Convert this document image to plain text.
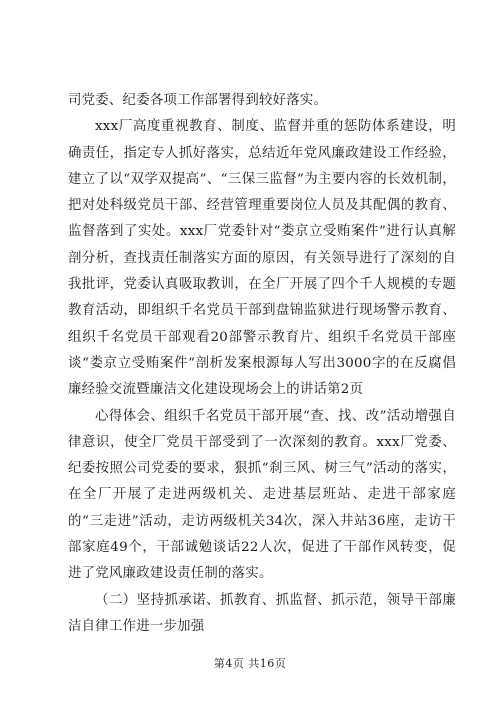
司党委、纪委各项工作部署得到较好落实。

xxx厂高度重视教育、制度、监督并重的惩防体系建设，明确责任，指定专人抓好落实，总结近年党风廉政建设工作经验，建立了以“双学双提高”、“三保三监督”为主要内容的长效机制，把对处科级党员干部、经营管理重要岗位人员及其配偶的教育、监督落到了实处。xxx厂党委针对“娄京立受贿案件”进行认真解剖分析，查找责任制落实方面的原因，有关领导进行了深刻的自我批评，党委认真吸取教训，在全厂开展了四个千人规模的专题教育活动，即组织千名党员干部到盘锦监狱进行现场警示教育、组织千名党员干部观看20部警示教育片、组织千名党员干部座谈“娄京立受贿案件”剖析发案根源每人写出3000字的在反腐倡廉经验交流暨廉洁文化建设现场会上的讲话第2页

心得体会、组织千名党员干部开展“查、找、改”活动增强自律意识，使全厂党员干部受到了一次深刻的教育。xxx厂党委、纪委按照公司党委的要求，狠抓“刹三风、树三气”活动的落实，在全厂开展了走进两级机关、走进基层班站、走进干部家庭的“三走进”活动，走访两级机关34次，深入井站36座，走访干部家庭49个，干部诚勉谈话22人次，促进了干部作风转变，促进了党风廉政建设责任制的落实。

（二）坚持抓承诺、抓教育、抓监督、抓示范，领导干部廉洁自律工作进一步加强

第4页 共16页
